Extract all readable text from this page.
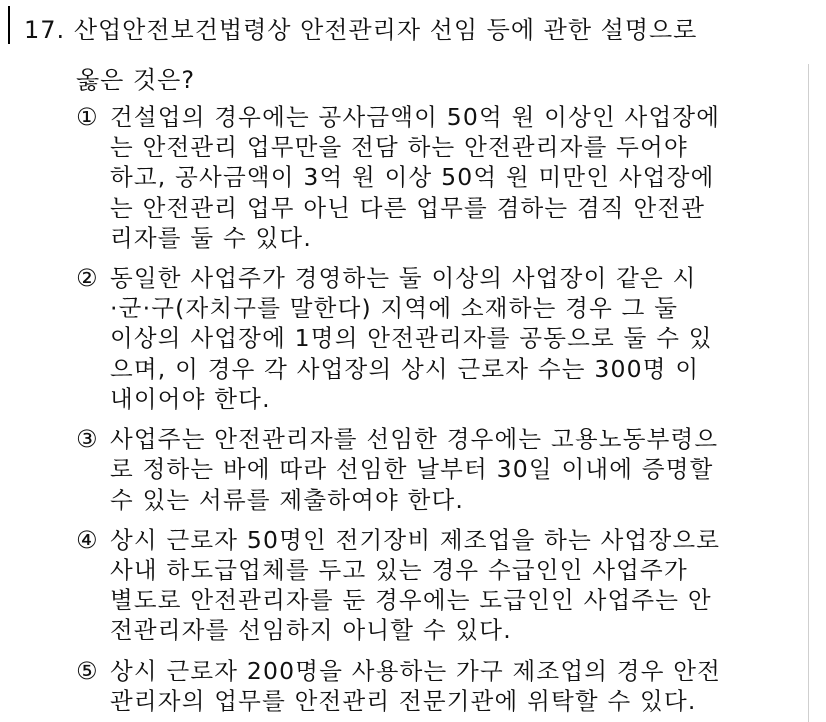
17. 산업안전보건법령상 안전관리자 선임 등에 관한 설명으로
옳은 것은?
① 건설업의 경우에는 공사금액이 50억 원 이상인 사업장에
는 안전관리 업무만을 전담 하는 안전관리자를 두어야
하고, 공사금액이 3억 원 이상 50억 원 미만인 사업장에
는 안전관리 업무 아닌 다른 업무를 겸하는 겸직 안전관
리자를 둘 수 있다.
② 동일한 사업주가 경영하는 둘 이상의 사업장이 같은 시
·군·구(자치구를 말한다) 지역에 소재하는 경우 그 둘
이상의 사업장에 1명의 안전관리자를 공동으로 둘 수 있
으며, 이 경우 각 사업장의 상시 근로자 수는 300명 이
내이어야 한다.
③ 사업주는 안전관리자를 선임한 경우에는 고용노동부령으
로 정하는 바에 따라 선임한 날부터 30일 이내에 증명할
수 있는 서류를 제출하여야 한다.
④ 상시 근로자 50명인 전기장비 제조업을 하는 사업장으로
사내 하도급업체를 두고 있는 경우 수급인인 사업주가
별도로 안전관리자를 둔 경우에는 도급인인 사업주는 안
전관리자를 선임하지 아니할 수 있다.
⑤ 상시 근로자 200명을 사용하는 가구 제조업의 경우 안전
관리자의 업무를 안전관리 전문기관에 위탁할 수 있다.
